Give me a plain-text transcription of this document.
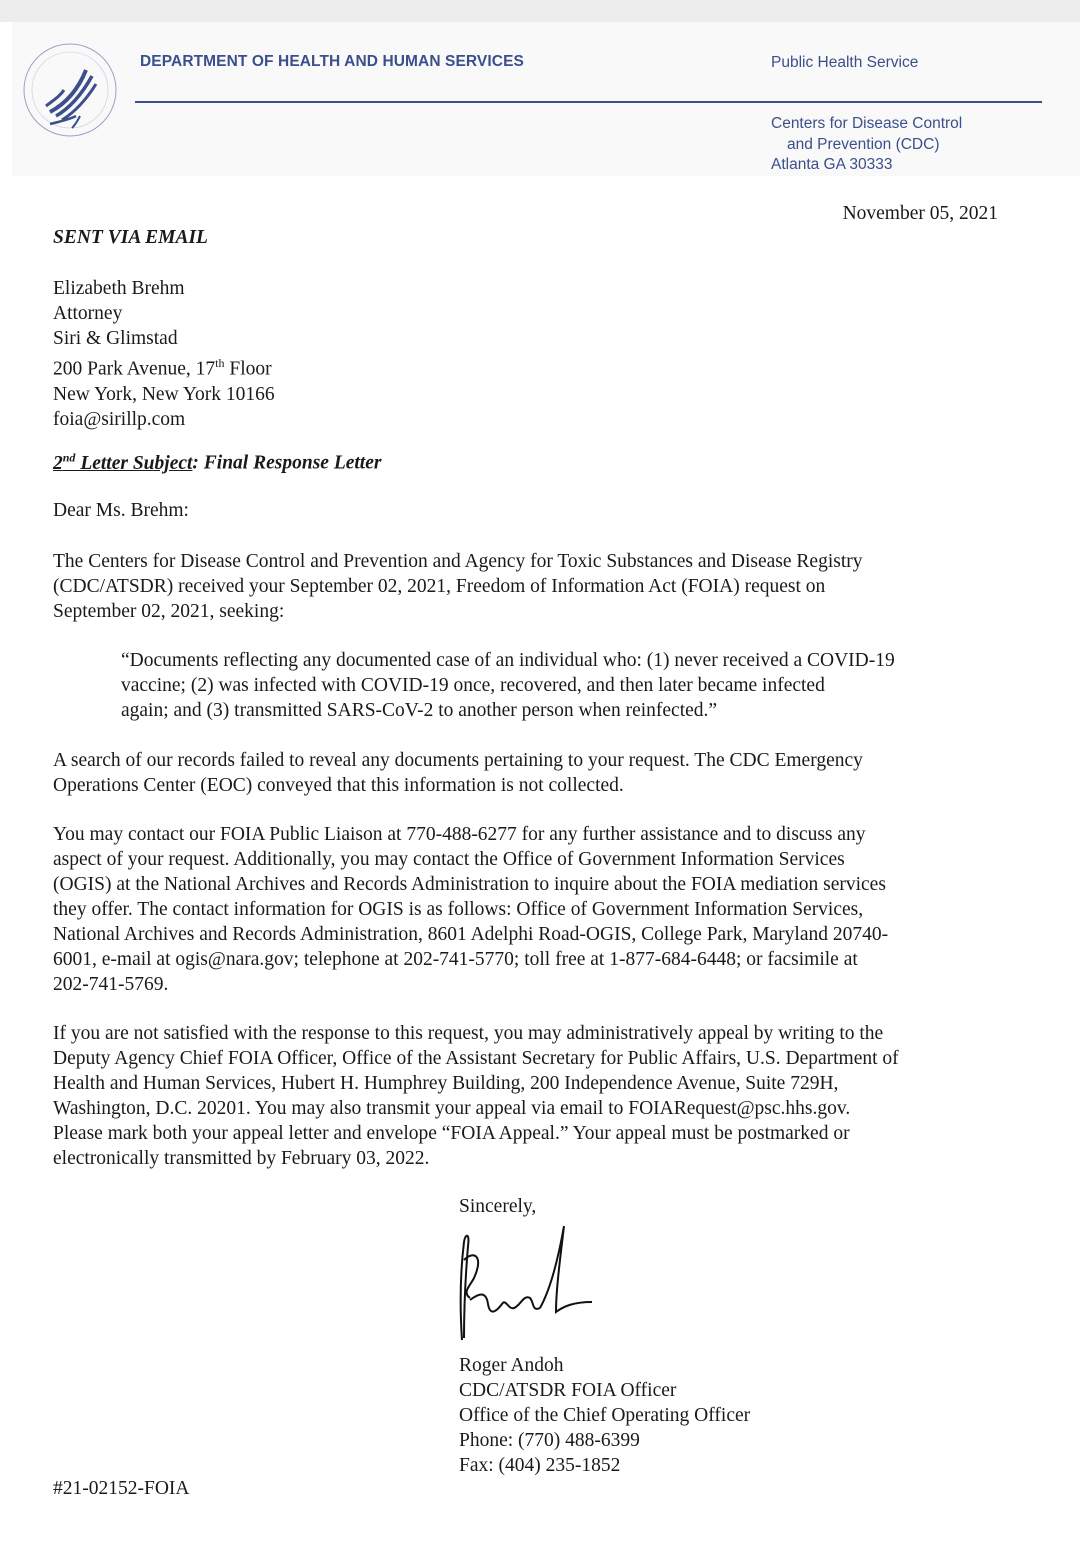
DEPARTMENT OF HEALTH AND HUMAN SERVICES	Public Health Service
Centers for Disease Control
and Prevention (CDC)
Atlanta GA 30333
November 05, 2021
SENT VIA EMAIL
Elizabeth Brehm
Attorney
Siri & Glimstad
200 Park Avenue, 17th Floor
New York, New York 10166
foia@sirillp.com
2nd Letter Subject: Final Response Letter
Dear Ms. Brehm:
The Centers for Disease Control and Prevention and Agency for Toxic Substances and Disease Registry
(CDC/ATSDR) received your September 02, 2021, Freedom of Information Act (FOIA) request on
September 02, 2021, seeking:
“Documents reflecting any documented case of an individual who: (1) never received a COVID-19
vaccine; (2) was infected with COVID-19 once, recovered, and then later became infected
again; and (3) transmitted SARS-CoV-2 to another person when reinfected.”
A search of our records failed to reveal any documents pertaining to your request. The CDC Emergency
Operations Center (EOC) conveyed that this information is not collected.
You may contact our FOIA Public Liaison at 770-488-6277 for any further assistance and to discuss any
aspect of your request. Additionally, you may contact the Office of Government Information Services
(OGIS) at the National Archives and Records Administration to inquire about the FOIA mediation services
they offer. The contact information for OGIS is as follows: Office of Government Information Services,
National Archives and Records Administration, 8601 Adelphi Road-OGIS, College Park, Maryland 20740-
6001, e-mail at ogis@nara.gov; telephone at 202-741-5770; toll free at 1-877-684-6448; or facsimile at
202-741-5769.
If you are not satisfied with the response to this request, you may administratively appeal by writing to the
Deputy Agency Chief FOIA Officer, Office of the Assistant Secretary for Public Affairs, U.S. Department of
Health and Human Services, Hubert H. Humphrey Building, 200 Independence Avenue, Suite 729H,
Washington, D.C. 20201. You may also transmit your appeal via email to FOIARequest@psc.hhs.gov.
Please mark both your appeal letter and envelope “FOIA Appeal.” Your appeal must be postmarked or
electronically transmitted by February 03, 2022.
Sincerely,
Roger Andoh
CDC/ATSDR FOIA Officer
Office of the Chief Operating Officer
Phone: (770) 488-6399
Fax: (404) 235-1852
#21-02152-FOIA
